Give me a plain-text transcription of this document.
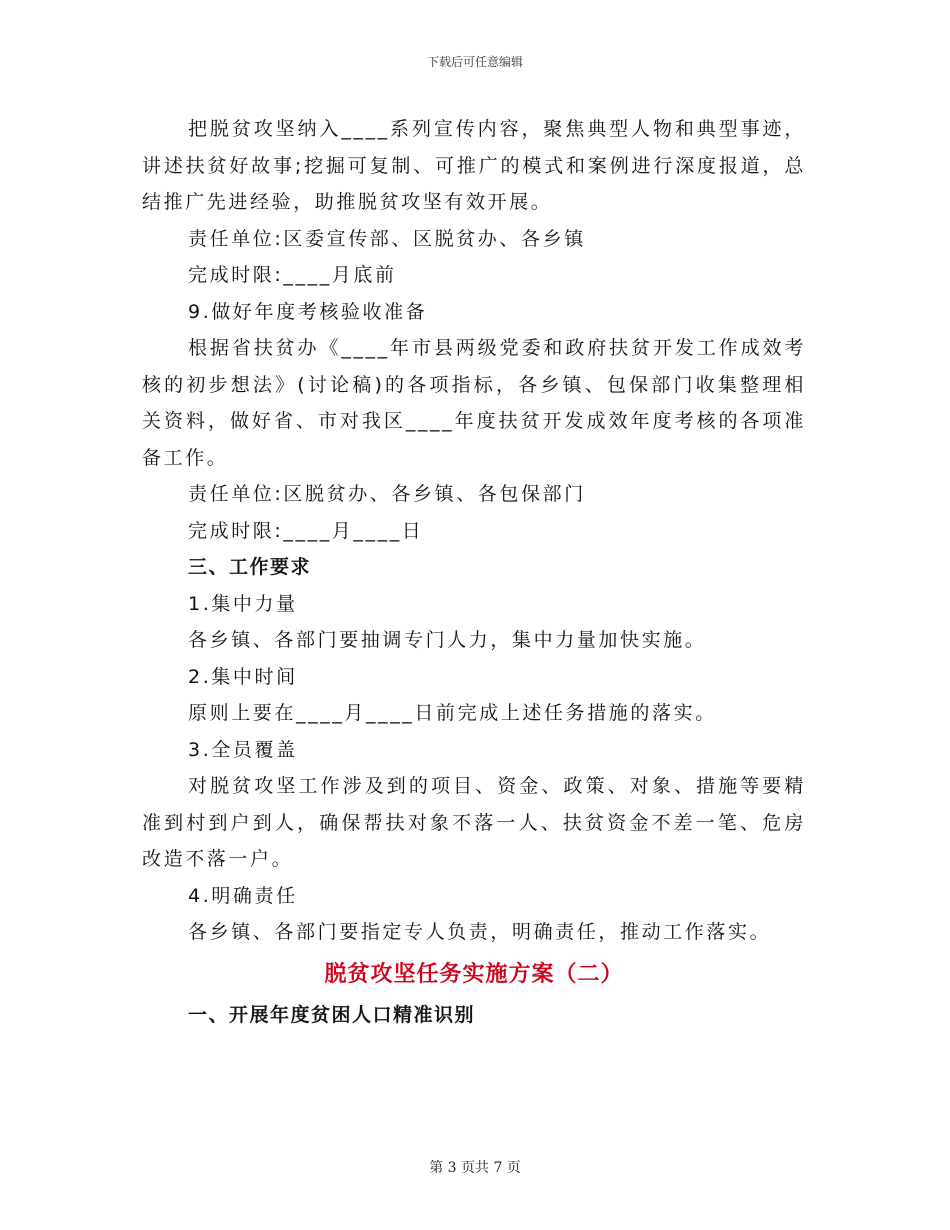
下载后可任意编辑

把脱贫攻坚纳入____系列宣传内容，聚焦典型人物和典型事迹，讲述扶贫好故事;挖掘可复制、可推广的模式和案例进行深度报道，总结推广先进经验，助推脱贫攻坚有效开展。

责任单位:区委宣传部、区脱贫办、各乡镇

完成时限:____月底前

9.做好年度考核验收准备

根据省扶贫办《____年市县两级党委和政府扶贫开发工作成效考核的初步想法》(讨论稿)的各项指标，各乡镇、包保部门收集整理相关资料，做好省、市对我区____年度扶贫开发成效年度考核的各项准备工作。

责任单位:区脱贫办、各乡镇、各包保部门

完成时限:____月____日

三、工作要求

1.集中力量

各乡镇、各部门要抽调专门人力，集中力量加快实施。

2.集中时间

原则上要在____月____日前完成上述任务措施的落实。

3.全员覆盖

对脱贫攻坚工作涉及到的项目、资金、政策、对象、措施等要精准到村到户到人，确保帮扶对象不落一人、扶贫资金不差一笔、危房改造不落一户。

4.明确责任

各乡镇、各部门要指定专人负责，明确责任，推动工作落实。

脱贫攻坚任务实施方案（二）

一、开展年度贫困人口精准识别

第 3 页共 7 页
